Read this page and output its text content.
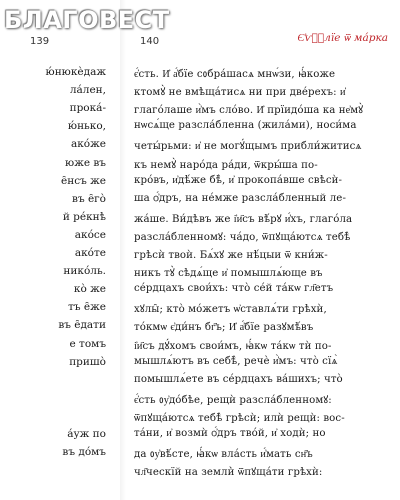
БЛАГОВЕСТ
139
ю́нюкѐдаж
ла́лен,
прока́-
ю́нько,
ако́же
юже въ
е̑нсъ же
въ е̑го̀
й ре́кнѣ
ако́се
ако́те
нико́ль.
ко̀ же
тъ е̑же
въ е̑дати
е томъ
пришо̀
а́уж по
въ до́мъ
140	Є҆ѵⷢ҇лїе ѿ ма́рка
є҆́сть. И҆ а҆́бїе сᲂбра́шасѧ мнѡ́зи, ꙗ҆́коже
ктомꙋ̀ не вмѣща́тисѧ ни при две́рехъ: и҆
глаго́лаше и҆̀мъ сло́во. И҆ прїидо́ша ка не҆мꙋ̀
нѡсѧ́ще разсла́бленна (жила́ми), носи́ма
четы́рьми: и҆ не могꙋ́щымъ прибли́житисѧ
къ немꙋ̀ наро́да ра́ди, ѿкры́ша по-
кро́въ, и҆дѣ́же бѣ̀, и҆ прокопа́вше свѣсѝ-
ша ѻ҆́дръ, на не́мже разсла́бленный ле-
жа́ше. Ви́дѣвъ же і҆и҃съ вѣ́рꙋ и҆́хъ, глаго́ла
разсла́бленномꙋ: ча́до, ѿпꙋща́ютсѧ тебѣ̀
грѣсѝ твоѝ. Бѧ́хꙋ же нѣ́цыи ѿ кни́ж-
никъ тꙋ̀ сѣдѧ́ще и҆ помышлѧ́юще въ
се́рдцахъ свои́хъ: что̀ се́й та́кѡ гл҃етъ
хꙋлы̑; кто̀ мо́жетъ ѡ҆ставлѧ́ти грѣхѝ,
то́кмѡ є҆ди́нъ бг҃ъ; И҆ а҆́бїе разꙋмѣ́въ
і҆и҃съ дꙋ́хомъ свои́мъ, ꙗ҆́кѡ та́кѡ тѝ по-
мышлѧ́ютъ въ себѣ̀, речѐ и҆̀мъ: что̀ сїѧ̀
помышлѧ́ете въ се́рдцахъ ва́шихъ; что̀
є҆́сть ᲂу҆до́бѣе, рещѝ разсла́бленномꙋ:
ѿпꙋща́ютсѧ тебѣ̀ грѣсѝ; илѝ рещѝ: вос-
та́ни, и҆ возмѝ ѻ҆́дръ тво́й, и҆ ходѝ; но
да ᲂу҆вѣ́сте, ꙗ҆́кѡ вла́сть и҆́мать сн҃ъ
чл҃ческїй на земли̇̀ ѿпꙋща́ти грѣхѝ:
